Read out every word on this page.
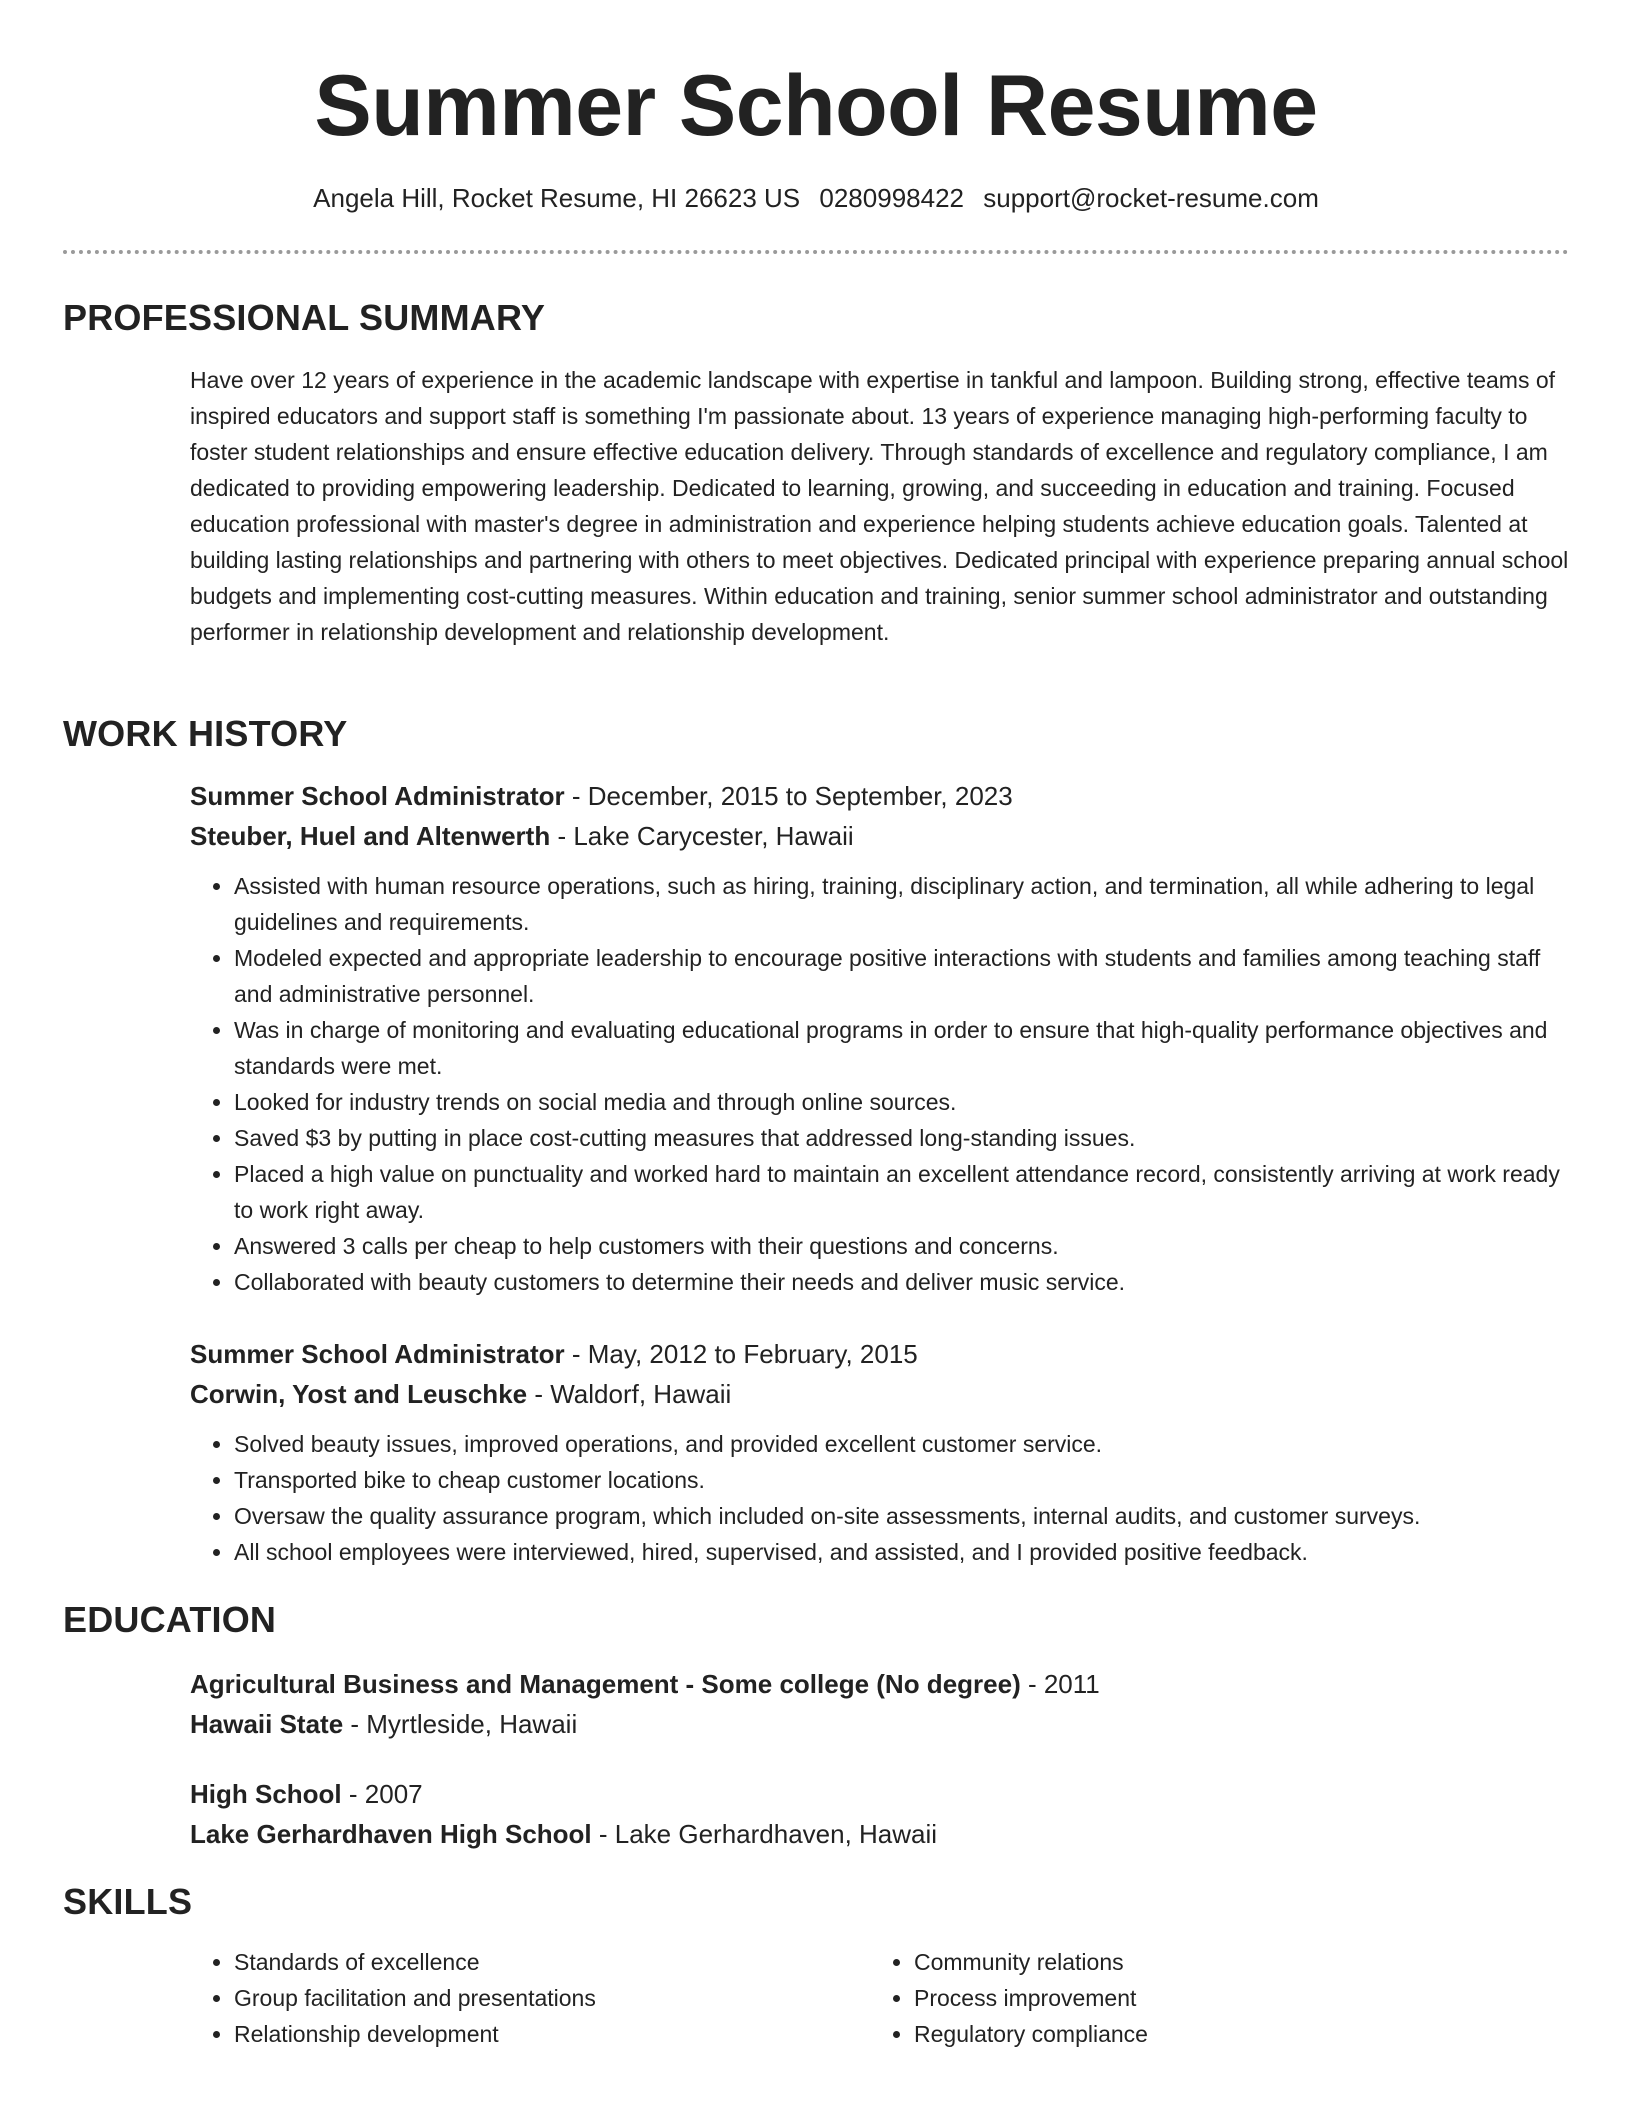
Summer School Resume

Angela Hill, Rocket Resume, HI 26623 US 0280998422 support@rocket-resume.com

PROFESSIONAL SUMMARY

Have over 12 years of experience in the academic landscape with expertise in tankful and lampoon. Building strong, effective teams of inspired educators and support staff is something I'm passionate about. 13 years of experience managing high-performing faculty to foster student relationships and ensure effective education delivery. Through standards of excellence and regulatory compliance, I am dedicated to providing empowering leadership. Dedicated to learning, growing, and succeeding in education and training. Focused education professional with master's degree in administration and experience helping students achieve education goals. Talented at building lasting relationships and partnering with others to meet objectives. Dedicated principal with experience preparing annual school budgets and implementing cost-cutting measures. Within education and training, senior summer school administrator and outstanding performer in relationship development and relationship development.

WORK HISTORY

Summer School Administrator - December, 2015 to September, 2023

Steuber, Huel and Altenwerth - Lake Carycester, Hawaii

• Assisted with human resource operations, such as hiring, training, disciplinary action, and termination, all while adhering to legal guidelines and requirements.
• Modeled expected and appropriate leadership to encourage positive interactions with students and families among teaching staff and administrative personnel.
• Was in charge of monitoring and evaluating educational programs in order to ensure that high-quality performance objectives and standards were met.
• Looked for industry trends on social media and through online sources.
• Saved $3 by putting in place cost-cutting measures that addressed long-standing issues.
• Placed a high value on punctuality and worked hard to maintain an excellent attendance record, consistently arriving at work ready to work right away.
• Answered 3 calls per cheap to help customers with their questions and concerns.
• Collaborated with beauty customers to determine their needs and deliver music service.

Summer School Administrator - May, 2012 to February, 2015

Corwin, Yost and Leuschke - Waldorf, Hawaii

• Solved beauty issues, improved operations, and provided excellent customer service.
• Transported bike to cheap customer locations.
• Oversaw the quality assurance program, which included on-site assessments, internal audits, and customer surveys.
• All school employees were interviewed, hired, supervised, and assisted, and I provided positive feedback.
EDUCATION

Agricultural Business and Management - Some college (No degree) - 2011

Hawaii State - Myrtleside, Hawaii

High School - 2007

Lake Gerhardhaven High School - Lake Gerhardhaven, Hawaii

SKILLS
• Standards of excellence
• Group facilitation and presentations
• Relationship development
• Community relations
• Process improvement
• Regulatory compliance
